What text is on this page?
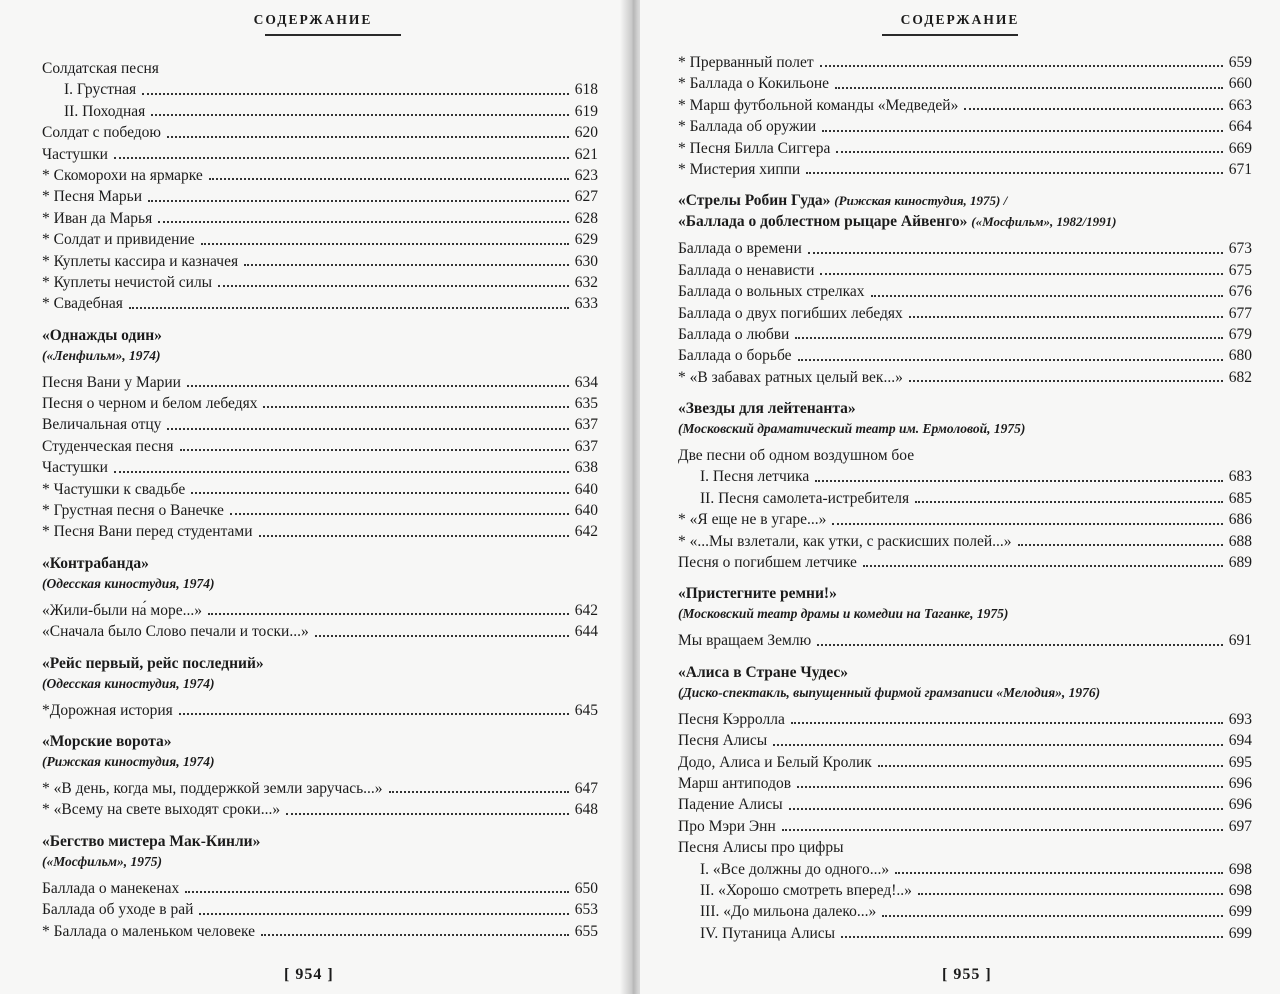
СОДЕРЖАНИЕ
Солдатская песня
I. Грустная	618
II. Походная	619
Солдат с победою	620
Частушки	621
* Скоморохи на ярмарке	623
* Песня Марьи	627
* Иван да Марья	628
* Солдат и привидение	629
* Куплеты кассира и казначея	630
* Куплеты нечистой силы	632
* Свадебная	633
«Однажды один»
(«Ленфильм», 1974)
Песня Вани у Марии	634
Песня о черном и белом лебедях	635
Величальная отцу	637
Студенческая песня	637
Частушки	638
* Частушки к свадьбе	640
* Грустная песня о Ванечке	640
* Песня Вани перед студентами	642
«Контрабанда»
(Одесская киностудия, 1974)
«Жили-были на́ море...»	642
«Сначала было Слово печали и тоски...»	644
«Рейс первый, рейс последний»
(Одесская киностудия, 1974)
*Дорожная история	645
«Морские ворота»
(Рижская киностудия, 1974)
* «В день, когда мы, поддержкой земли заручась...»	647
* «Всему на свете выходят сроки...»	648
«Бегство мистера Мак-Кинли»
(«Мосфильм», 1975)
Баллада о манекенах	650
Баллада об уходе в рай	653
* Баллада о маленьком человеке	655
[ 954 ]
СОДЕРЖАНИЕ
* Прерванный полет	659
* Баллада о Кокильоне	660
* Марш футбольной команды «Медведей»	663
* Баллада об оружии	664
* Песня Билла Сиггера	669
* Мистерия хиппи	671
«Стрелы Робин Гуда» (Рижская киностудия, 1975) /
«Баллада о доблестном рыцаре Айвенго» («Мосфильм», 1982/1991)
Баллада о времени	673
Баллада о ненависти	675
Баллада о вольных стрелках	676
Баллада о двух погибших лебедях	677
Баллада о любви	679
Баллада о борьбе	680
* «В забавах ратных целый век...»	682
«Звезды для лейтенанта»
(Московский драматический театр им. Ермоловой, 1975)
Две песни об одном воздушном бое
I. Песня летчика	683
II. Песня самолета-истребителя	685
* «Я еще не в угаре...»	686
* «...Мы взлетали, как утки, с раскисших полей...»	688
Песня о погибшем летчике	689
«Пристегните ремни!»
(Московский театр драмы и комедии на Таганке, 1975)
Мы вращаем Землю	691
«Алиса в Стране Чудес»
(Диско-спектакль, выпущенный фирмой грамзаписи «Мелодия», 1976)
Песня Кэрролла	693
Песня Алисы	694
Додо, Алиса и Белый Кролик	695
Марш антиподов	696
Падение Алисы	696
Про Мэри Энн	697
Песня Алисы про цифры
I. «Все должны до одного...»	698
II. «Хорошо смотреть вперед!..»	698
III. «До мильона далеко...»	699
IV. Путаница Алисы	699
[ 955 ]
